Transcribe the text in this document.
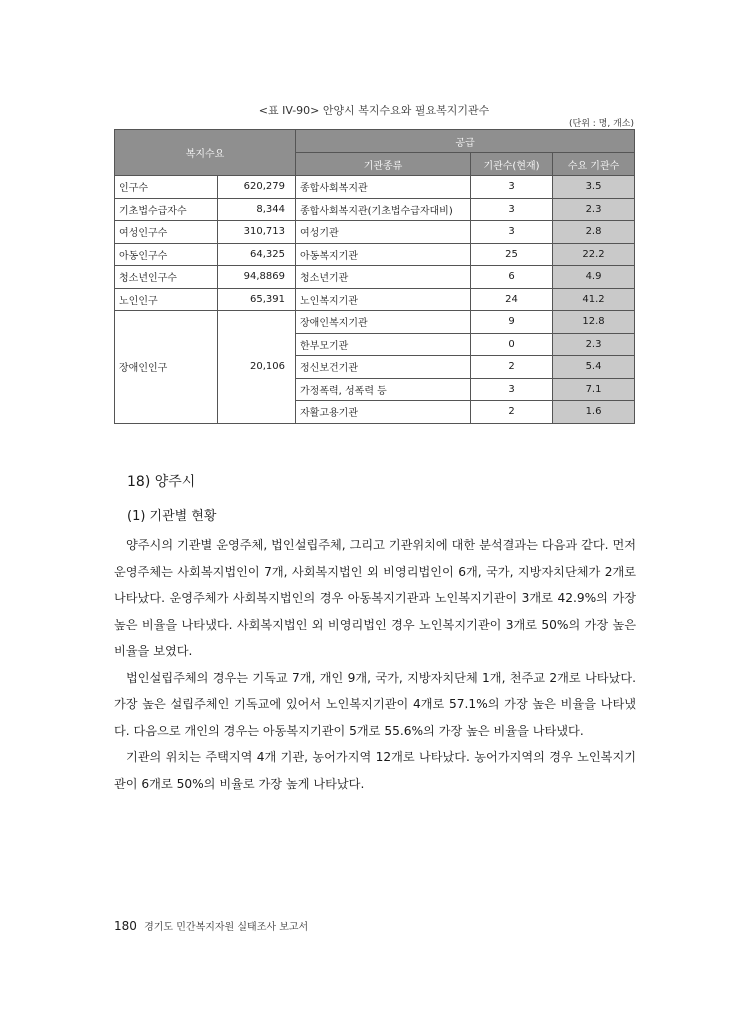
<표 IV-90> 안양시 복지수요와 필요복지기관수
(단위 : 명, 개소)
복지수요		공급		
		기관종류	기관수(현재)	수요 기관수
인구수	620,279	종합사회복지관	3	3.5
기초법수급자수	8,344	종합사회복지관(기초법수급자대비)	3	2.3
여성인구수	310,713	여성기관	3	2.8
아동인구수	64,325	아동복지기관	25	22.2
청소년인구수	94,8869	청소년기관	6	4.9
노인인구	65,391	노인복지기관	24	41.2
장애인인구	20,106	장애인복지기관	9	12.8
		한부모기관	0	2.3
		정신보건기관	2	5.4
		가정폭력, 성폭력 등	3	7.1
		자활고용기관	2	1.6
18) 양주시
(1) 기관별 현황

양주시의 기관별 운영주체, 법인설립주체, 그리고 기관위치에 대한 분석결과는 다음과 같다. 먼저 운영주체는 사회복지법인이 7개, 사회복지법인 외 비영리법인이 6개, 국가, 지방자치단체가 2개로 나타났다. 운영주체가 사회복지법인의 경우 아동복지기관과 노인복지기관이 3개로 42.9%의 가장 높은 비율을 나타냈다. 사회복지법인 외 비영리법인 경우 노인복지기관이 3개로 50%의 가장 높은 비율을 보였다.

법인설립주체의 경우는 기독교 7개, 개인 9개, 국가, 지방자치단체 1개, 천주교 2개로 나타났다. 가장 높은 설립주체인 기독교에 있어서 노인복지기관이 4개로 57.1%의 가장 높은 비율을 나타냈다. 다음으로 개인의 경우는 아동복지기관이 5개로 55.6%의 가장 높은 비율을 나타냈다.

기관의 위치는 주택지역 4개 기관, 농어가지역 12개로 나타났다. 농어가지역의 경우 노인복지기관이 6개로 50%의 비율로 가장 높게 나타났다.

180 경기도 민간복지자원 실태조사 보고서
